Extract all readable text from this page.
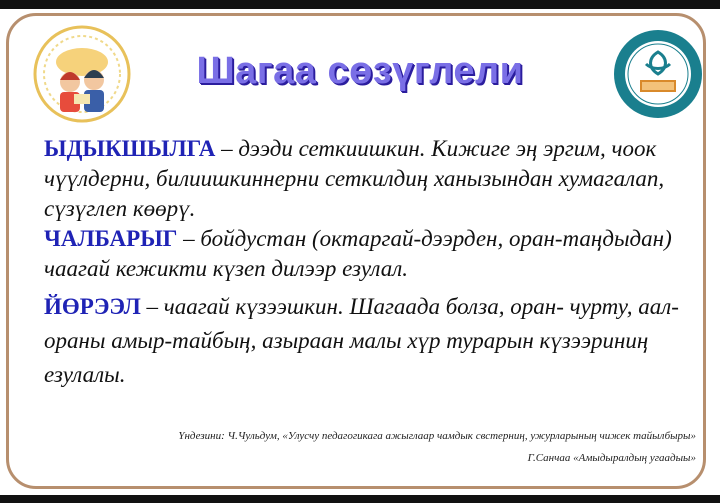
Шагаа сөзүглели

ЫДЫКШЫЛГА – дээди сеткиишкин. Кижиге эң эргим, чоок чүүлдерни, билиишкиннерни сеткилдиң ханызындан хумагалап, сүзүглеп көөрү.

ЧАЛБАРЫГ – бойдустан (октаргай-дээрден, оран-таңдыдан) чаагай кежикти күзеп дилээр езулал.

ЙӨРЭЭЛ – чаагай күзээшкин. Шагаада болза, оран- чурту, аал-ораны амыр-тайбың, азыраан малы хүр турарын күзээриниң езулалы.

Үндезини: Ч.Чульдум, «Улусчу педагогикага ажыглаар чамдык свстерниң, ужурларының чижек тайылбыры»
Г.Санчаа «Амыдыралдың угаадыы»
